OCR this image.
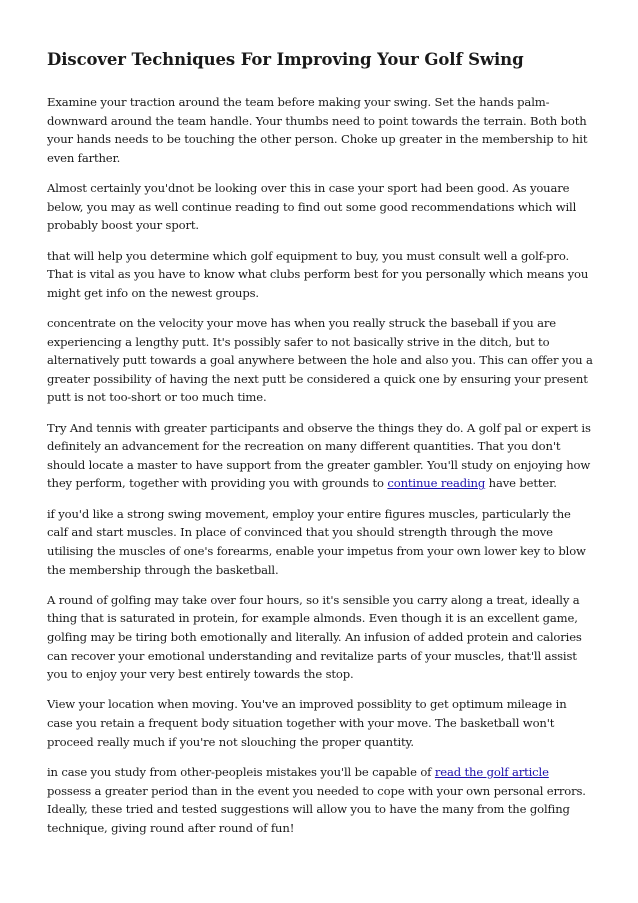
Discover Techniques For Improving Your Golf Swing

Examine your traction around the team before making your swing. Set the hands palm-downward around the team handle. Your thumbs need to point towards the terrain. Both both your hands needs to be touching the other person. Choke up greater in the membership to hit even farther.

Almost certainly you'dnot be looking over this in case your sport had been good. As youare below, you may as well continue reading to find out some good recommendations which will probably boost your sport.

that will help you determine which golf equipment to buy, you must consult well a golf-pro. That is vital as you have to know what clubs perform best for you personally which means you might get info on the newest groups.

concentrate on the velocity your move has when you really struck the baseball if you are experiencing a lengthy putt. It's possibly safer to not basically strive in the ditch, but to alternatively putt towards a goal anywhere between the hole and also you. This can offer you a greater possibility of having the next putt be considered a quick one by ensuring your present putt is not too-short or too much time.

Try And tennis with greater participants and observe the things they do. A golf pal or expert is definitely an advancement for the recreation on many different quantities. That you don't should locate a master to have support from the greater gambler. You'll study on enjoying how they perform, together with providing you with grounds to continue reading have better.

if you'd like a strong swing movement, employ your entire figures muscles, particularly the calf and start muscles. In place of convinced that you should strength through the move utilising the muscles of one's forearms, enable your impetus from your own lower key to blow the membership through the basketball.

A round of golfing may take over four hours, so it's sensible you carry along a treat, ideally a thing that is saturated in protein, for example almonds. Even though it is an excellent game, golfing may be tiring both emotionally and literally. An infusion of added protein and calories can recover your emotional understanding and revitalize parts of your muscles, that'll assist you to enjoy your very best entirely towards the stop.

View your location when moving. You've an improved possiblity to get optimum mileage in case you retain a frequent body situation together with your move. The basketball won't proceed really much if you're not slouching the proper quantity.

in case you study from other-peopleis mistakes you'll be capable of read the golf article possess a greater period than in the event you needed to cope with your own personal errors. Ideally, these tried and tested suggestions will allow you to have the many from the golfing technique, giving round after round of fun!
